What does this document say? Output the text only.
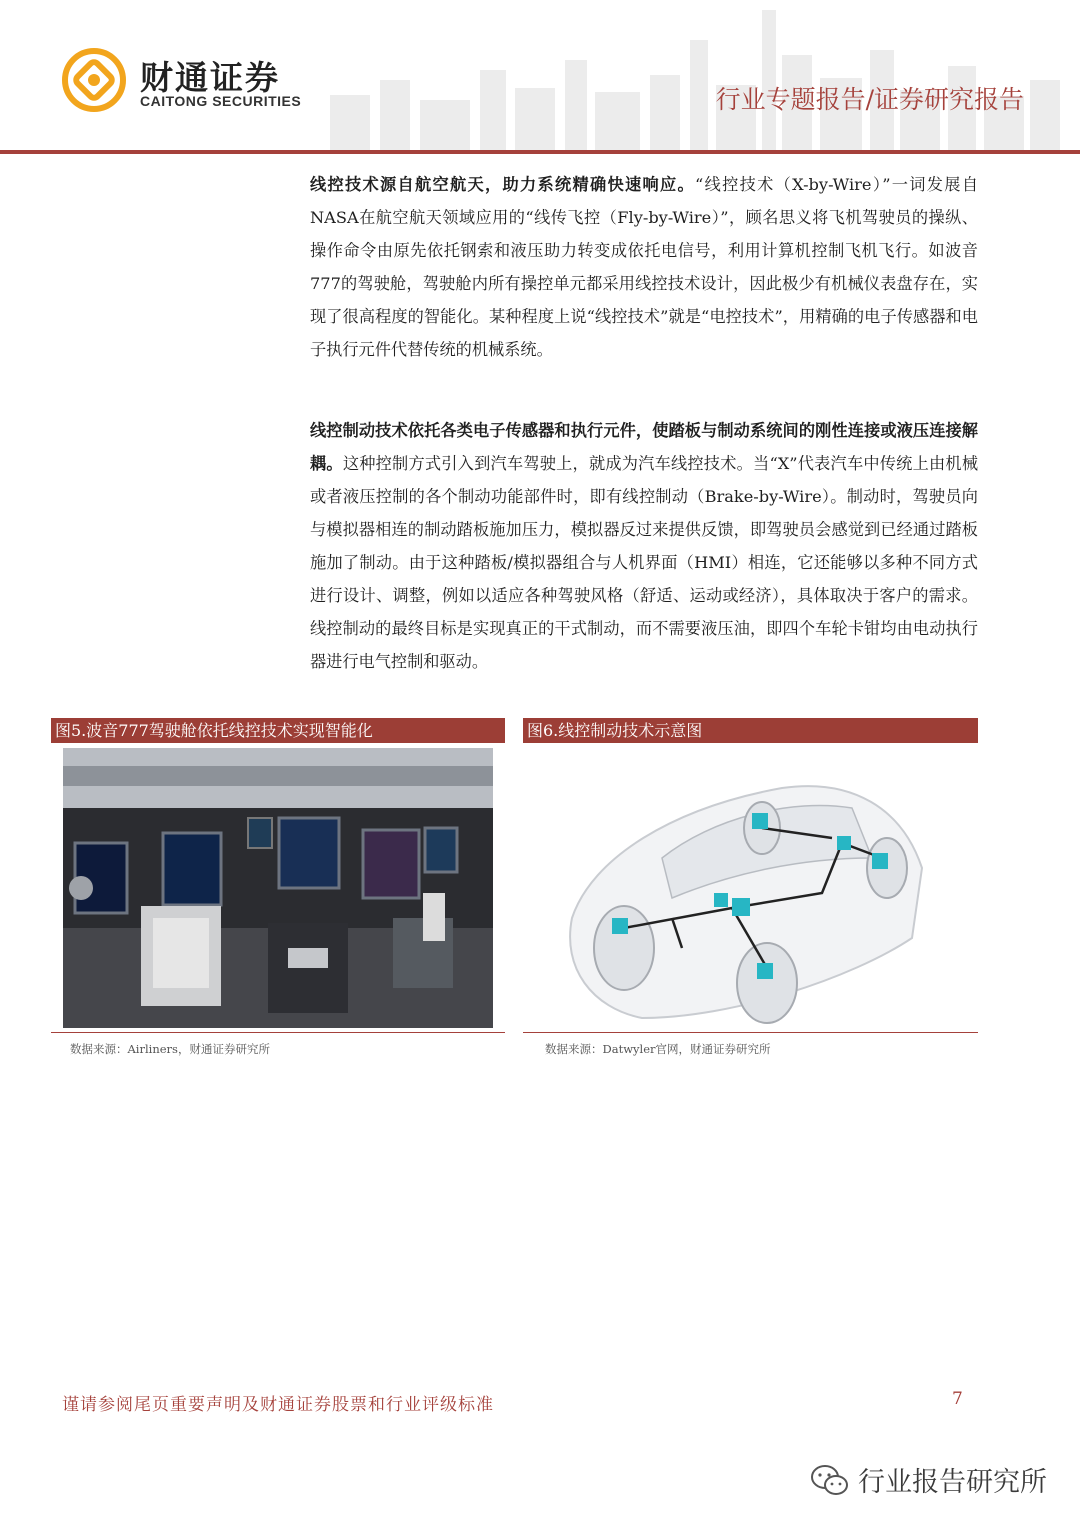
财通证券
CAITONG SECURITIES	行业专题报告/证券研究报告
线控技术源自航空航天，助力系统精确快速响应。“线控技术（X-by-Wire）”一词发展自NASA在航空航天领域应用的“线传飞控（Fly-by-Wire）”，顾名思义将飞机驾驶员的操纵、操作命令由原先依托钢索和液压助力转变成依托电信号，利用计算机控制飞机飞行。如波音777的驾驶舱，驾驶舱内所有操控单元都采用线控技术设计，因此极少有机械仪表盘存在，实现了很高程度的智能化。某种程度上说“线控技术”就是“电控技术”，用精确的电子传感器和电子执行元件代替传统的机械系统。
线控制动技术依托各类电子传感器和执行元件，使踏板与制动系统间的刚性连接或液压连接解耦。这种控制方式引入到汽车驾驶上，就成为汽车线控技术。当“X”代表汽车中传统上由机械或者液压控制的各个制动功能部件时，即有线控制动（Brake-by-Wire）。制动时，驾驶员向与模拟器相连的制动踏板施加压力，模拟器反过来提供反馈，即驾驶员会感觉到已经通过踏板施加了制动。由于这种踏板/模拟器组合与人机界面（HMI）相连，它还能够以多种不同方式进行设计、调整，例如以适应各种驾驶风格（舒适、运动或经济），具体取决于客户的需求。线控制动的最终目标是实现真正的干式制动，而不需要液压油，即四个车轮卡钳均由电动执行器进行电气控制和驱动。
图5.波音777驾驶舱依托线控技术实现智能化
数据来源：Airliners，财通证券研究所
图6.线控制动技术示意图
数据来源：Datwyler官网，财通证券研究所
谨请参阅尾页重要声明及财通证券股票和行业评级标准	7
行业报告研究所
